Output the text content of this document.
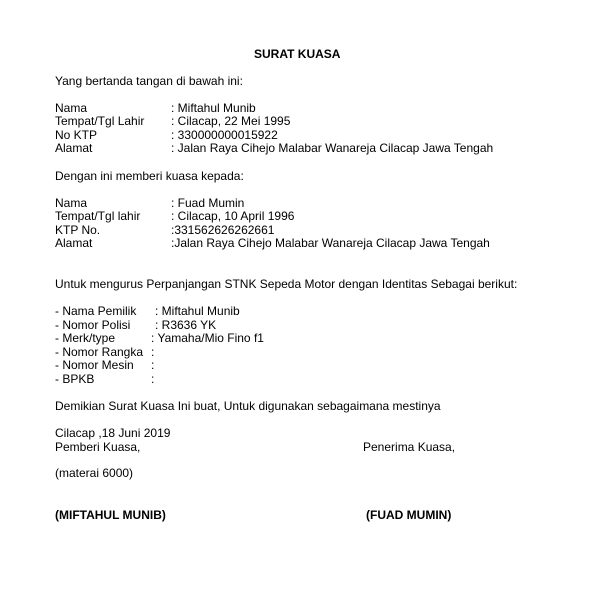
SURAT KUASA
Yang bertanda tangan di bawah ini:
Nama	: Miftahul Munib
Tempat/Tgl Lahir : Cilacap, 22 Mei 1995
No KTP	: 330000000015922
Alamat	: Jalan Raya Cihejo Malabar Wanareja Cilacap Jawa Tengah
Dengan ini memberi kuasa kepada:
Nama	: Fuad Mumin
Tempat/Tgl lahir	: Cilacap, 10 April 1996
KTP No.	:331562626262661
Alamat	:Jalan Raya Cihejo Malabar Wanareja Cilacap Jawa Tengah
Untuk mengurus Perpanjangan STNK Sepeda Motor dengan Identitas Sebagai berikut:
- Nama Pemilik : Miftahul Munib
- Nomor Polisi : R3636 YK
- Merk/type	: Yamaha/Mio Fino f1
- Nomor Rangka :
- Nomor Mesin :
- BPKB	:
Demikian Surat Kuasa Ini buat, Untuk digunakan sebagaimana mestinya
Cilacap ,18 Juni 2019
Pemberi Kuasa,	Penerima Kuasa,
(materai 6000)
(MIFTAHUL MUNIB)	(FUAD MUMIN)
